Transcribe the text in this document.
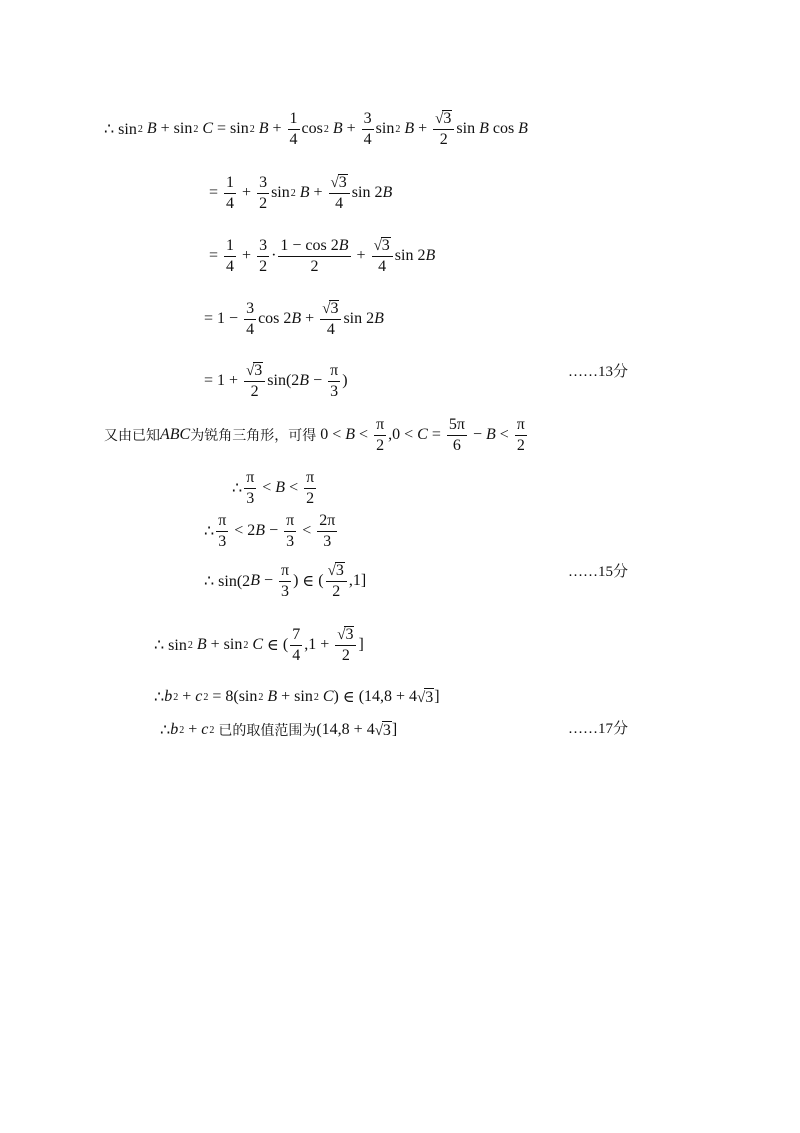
∴ sin 2
B + sin 2
C = sin 2
$B + \frac{1}{4}$ cos 2
$B + \frac{3}{4}$ sin 2
$B + \frac{√ 3}{2}$ sin B cos B
= $\frac{1}{4} + \frac{3}{2}$ sin 2
$B + \frac{√ 3}{4}$ sin 2 B
= $\frac{1}{4} + \frac{3}{2} \cdot \frac{1 - \cos 2B}{2} + \frac{√ 3}{4}$ sin 2 B
= $1 - \frac{3}{4}$ cos 2 $B + \frac{√ 3}{4}$ sin 2 B
= $1 + \frac{√ 3}{2} \sin(2$ $B - \frac{\pi}{3}$ )	……13分
又由已知 ABC 为锐角三角形，可得 $0 < B < \frac{\pi}{2} ,0 < C = \frac{5\pi}{6} - B < \frac{\pi}{2}$
∴ $\frac{\pi}{3} < B < \frac{\pi}{2}$
∴ $\frac{\pi}{3} < 2$ $B - \frac{\pi}{3} < \frac{2\pi}{3}$
∴ sin(2 $B - \frac{\pi}{3}$ ) ∈ ( $\frac{√ 3}{2} ,1$]	……15分
∴ sin 2
B + sin 2
C ∈ ( $\frac{7}{4} ,1 + \frac{√ 3}{2}$ ]
∴ b 2 + c 2 = 8(sin 2
B + sin 2
C ) ∈ (14,8 + 4 √ 3 ]
∴ b 2 + c 2
已的取值范围为 (14,8 + 4 √ 3 ]	……17分
